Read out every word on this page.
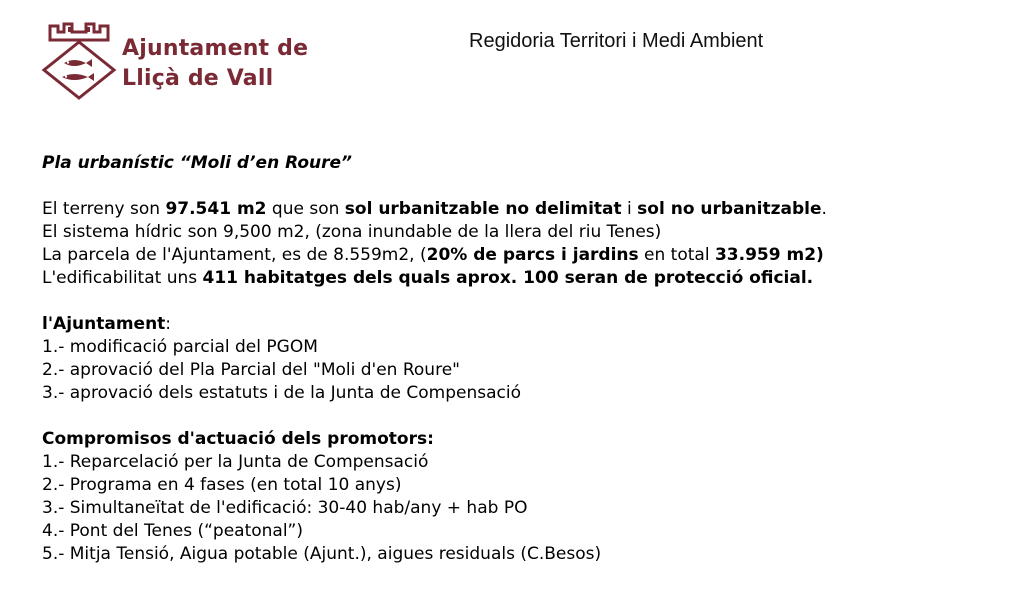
Ajuntament de
Lliçà de Vall
Regidoria Territori i Medi Ambient

Pla urbanístic “Moli d’en Roure”

El terreny son 97.541 m2 que son sol urbanitzable no delimitat i sol no urbanitzable.

El sistema hídric son 9,500 m2, (zona inundable de la llera del riu Tenes)

La parcela de l'Ajuntament, es de 8.559m2, (20% de parcs i jardins en total 33.959 m2)

L'edificabilitat uns 411 habitatges dels quals aprox. 100 seran de protecció oficial.

l'Ajuntament:

1.- modificació parcial del PGOM

2.- aprovació del Pla Parcial del "Moli d'en Roure"

3.- aprovació dels estatuts i de la Junta de Compensació

Compromisos d'actuació dels promotors:

1.- Reparcelació per la Junta de Compensació

2.- Programa en 4 fases (en total 10 anys)

3.- Simultaneïtat de l'edificació: 30-40 hab/any + hab PO

4.- Pont del Tenes (“peatonal”)

5.- Mitja Tensió, Aigua potable (Ajunt.), aigues residuals (C.Besos)
